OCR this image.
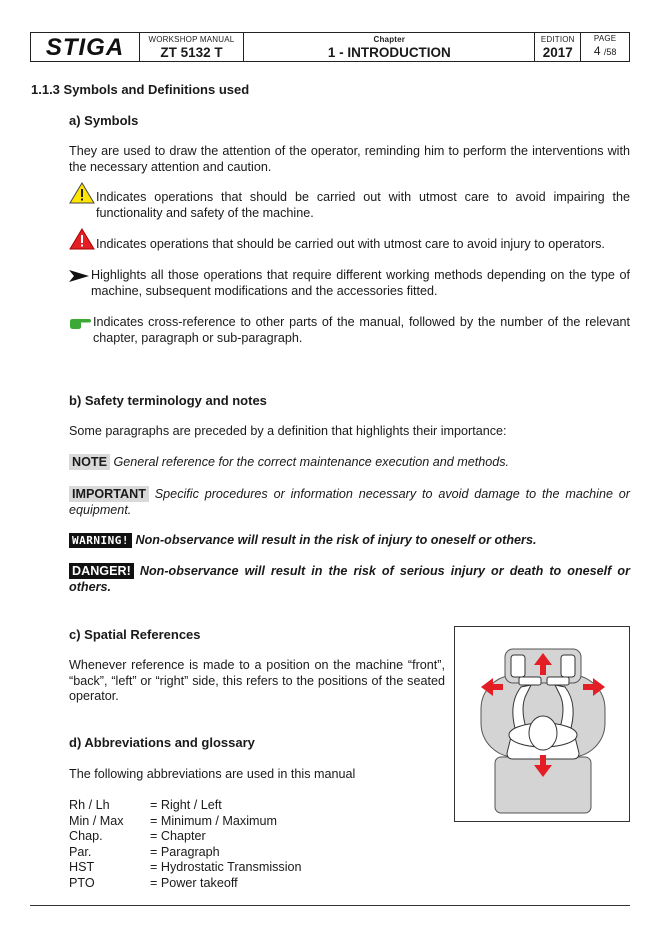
STIGA	WORKSHOP MANUAL
ZT 5132 T
Chapter
1 - INTRODUCTION
EDITION
2017
PAGE
4 /58
1.1.3 Symbols and Definitions used
a) Symbols
They are used to draw the attention of the operator, reminding him to perform the interventions with the necessary attention and caution.
Indicates operations that should be carried out with utmost care to avoid impairing the functionality and safety of the machine.
Indicates operations that should be carried out with utmost care to avoid injury to operators.
Highlights all those operations that require different working methods depending on the type of machine, subsequent modifications and the accessories fitted.
Indicates cross-reference to other parts of the manual, followed by the number of the relevant chapter, paragraph or sub-paragraph.
b) Safety terminology and notes
Some paragraphs are preceded by a definition that highlights their importance:
NOTE General reference for the correct maintenance execution and methods.
IMPORTANT Specific procedures or information necessary to avoid damage to the machine or equipment.
WARNING! Non-observance will result in the risk of injury to oneself or others.
DANGER! Non-observance will result in the risk of serious injury or death to oneself or others.
c) Spatial References
Whenever reference is made to a position on the machine “front”, “back”, “left” or “right” side, this refers to the positions of the seated operator.
d) Abbreviations and glossary
The following abbreviations are used in this manual
Rh / Lh	= Right / Left
Min / Max = Minimum / Maximum
Chap.	= Chapter
Par.	= Paragraph
HST	= Hydrostatic Transmission
PTO	= Power takeoff
